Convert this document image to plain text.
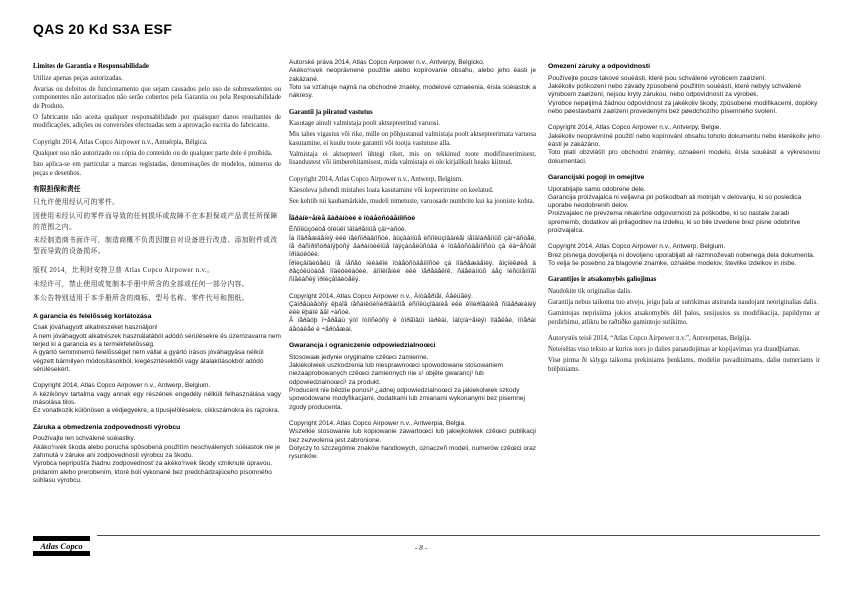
QAS 20 Kd S3A ESF
Limites de Garantia e Responsabilidade

Utilize apenas peças autorizadas.

Avarias ou defeitos de funcionamento que sejam causados pelo uso de sobresselentes ou componentes não autorizados não serão cobertos pela Garantia ou pela Responsabilidade de Produto.

O fabricante não aceita qualquer responsabilidade por quaisquer danos resultantes de modificações, adições ou conversões efectuadas sem a aprovação escrita do fabricante.

Copyright 2014, Atlas Copco Airpower n.v., Antuérpia, Bélgica.

Qualquer uso não autorizado ou cópia do conteúdo ou de qualquer parte dele é proibida.

Isto aplica-se em particular a marcas registadas, denominações de modelos, números de peças e desenhos.

有限担保和责任

只允许使用经认可的零件。

因使用未经认可的零件而导致的任何损坏或故障不在本担保或产品责任所保障的范围之内。

未经制造商书面许可，制造商概不负责因擅自对设备进行改造、添加附件或改型而导致的设备损坏。

版权 2014，比利时安特卫普 Atlas Copco Airpower n.v.。

未经许可，禁止使用或复制本手册中所含的全部或任何一部分内容。

本公告特别适用于本手册所含的商标、型号名称、零件代号和图纸。

A garancia és felelõsség korlátozása

Csak jóváhagyott alkatrészeket használjon!

A nem jóváhagyott alkatrészek használatából adódó sérülésekre és üzemzavarra nem terjed ki a garancia és a termékfelelõsség.

A gyártó semminemû felelõsséget nem vállal a gyártó írásos jóváhagyása nélkül végzett bármilyen módosításokból, kiegészítésekbõl vagy átalakításokból adódó sérülésekért.

Copyright 2014, Atlas Copco Airpower n.v., Antwerp, Belgium.

A kézikönyv tartalma vagy annak egy részének engedély nélküli felhasználása vagy másolása tilos.

Ez vonatkozik különösen a védjegyekre, a típusjelölésekre, cikkszámokra és rajzokra.

Záruka a obmedzenia zodpovednosti výrobcu

Používajte len schválené súèiastky.

Akáko¾vek škoda alebo porucha spôsobená použitím neschválených súèiastok nie je zahrnutá v záruke ani zodpovednosti výrobcu za škodu.

Výrobca nepripúšťa žiadnu zodpovednosť za akéko¾vek škody vzniknuté úpravou, pridaním alebo prerobením, ktoré boli vykonané bez predchádzajúceho písomného súhlasu výrobcu.

Autorské práva 2014, Atlas Copco Airpower n.v., Antverpy, Belgicko.

Akéko¾vek neoprávnené použitie alebo kopírovanie obsahu, alebo jeho èasti je zakázané.

Toto sa vzťahuje najmä na obchodné znaèky, modelové oznaèenia, èísla súèiastok a nákresy.

Garantii ja piiratud vastutus

Kasutage ainult valmistaja poolt aktsepteeritud varuosi.

Mis tahes vigastus või rike, mille on põhjustanud valmistaja poolt aktsepteerimata varuosa kasutamine, ei kuulu toote garantii või tootja vastutuse alla.

Valmistaja ei aktsepteeri ühtegi riket, mis on tekkinud toote modifitseerimisest, lisandustest või ümberehitamisest, mida valmistaja ei ole kirjalikult heaks kiitnud.

Copyright 2014, Atlas Copco Airpower n.v., Antwerp, Belgium.

Käesoleva juhendi mistahes loata kasutamine või kopeerimine on keelatud.

See kehtib nii kaubamärkide, mudeli nimetuste, varuosade numbrite kui ka jooniste kohta.

Îãðàíè÷åíèå ãàðàíòèè è îòâåòñòâåííîñòè

Èñïîëüçóéòå òîëüêî îäîáðåííûå çàï÷àñòè.

Íà ïîâðåæäåíèÿ èëè íåèñïðàâíîñòè, âûçâàííûå èñïîëüçîâàíèåì íåîäîáðåííûõ çàï÷àñòåé, íå ðàñïðîñòðàíÿþòñÿ ãàðàíòèéíûå îáÿçàòåëüñòâà è îòâåòñòâåííîñòü çà êà÷åñòâî ïðîäóêöèè.

Ïðîèçâîäèòåëü íå íåñåò íèêàêîé îòâåòñòâåííîñòè çà ïîâðåæäåíèÿ, âîçíèêøèå â ðåçóëüòàòå ìîäèôèêàöèé, äîïîëíåíèé èëè ïåðåäåëîê, ñäåëàííûõ áåç ïèñüìåííîãî ñîãëàñèÿ ïðîèçâîäèòåëÿ.

Copyright 2014, Atlas Copco Airpower n.v., Àíòâåðïåí, Áåëüãèÿ.

Çàïðåùàåòñÿ ëþáîå íåñàíêöèîíèðîâàííîå èñïîëüçîâàíèå èëè êîïèðîâàíèå ñîäåðæàíèÿ èëè ëþáîé åãî ÷àñòè.

Â ïåðâóþ î÷åðåäü ýòî îòíîñèòñÿ ê òîðãîâûì ìàðêàì, îáîçíà÷åíèÿì ìîäåëåé, íîìåðàì äåòàëåé è ÷åðòåæàì.

Gwarancja i ograniczenie odpowiedzialnoœci

Stosowaæ jedynie oryginalne czêœci zamienne.

Jakiekolwiek uszkodzenia lub niesprawnoœci spowodowane stosowaniem niezaaprobowanych czêœci zamiennych nie s¹ objête gwarancj¹ lub odpowiedzialnoœci¹ za produkt.

Producent nie bêdzie ponosi³ ¿adnej odpowiedzialnoœci za jakiekolwiek szkody spowodowane modyfikacjami, dodatkami lub zmianami wykonanymi bez pisemnej zgody producenta.

Copyright 2014, Atlas Copco Airpower n.v., Antwerpia, Belgia.

Wszelkie stosowanie lub kopiowanie zawartoœci lub jakiejkolwiek czêœci publikacji bez zezwolenia jest zabronione.

Dotyczy to szczególnie znaków handlowych, oznaczeñ modeli, numerów czêœci oraz rysunków.

Omezení záruky a odpovìdnosti

Používejte pouze takové souèásti, které jsou schválené výrobcem zaøízení.

Jakékoliv poškození nebo závady zpùsobené použitím souèástí, které nebyly schválené výrobcem zaøízení, nejsou kryty zárukou, nebo odpovìdností za výrobek.

Výrobce nepøijímá žádnou odpovìdnost za jakékoliv škody, zpùsobené modifikacemi, doplòky nebo pøestavbami zaøízení provedenými bez pøedchozího písemného svolení.

Copyright 2014, Atlas Copco Airpower n.v., Antverpy, Belgie.

Jakékoliv neoprávnìné použití nebo kopírování obsahu tohoto dokumentu nebo kterékoliv jeho èásti je zakázáno.

Toto platí obzvláštì pro obchodní známky, oznaèení modelù, èísla souèástí a výkresovou dokumentaci.

Garancijski pogoji in omejitve

Uporabljajte samo odobrene dele.

Garancija proizvajalca ni veljavna pri poškodbah ali motnjah v delovanju, ki so posledica uporabe neodobrenih delov.

Proizvajalec ne prevzema nikakršne odgovornosti za poškodbe, ki so nastale zaradi sprememb, dodatkov ali prilagoditev na izdelku, ki so bile izvedene brez pisne odobritve proizvajalca.

Copyright 2014, Atlas Copco Airpower n.v., Antwerp, Belgium.

Brez pisnega dovoljenja ni dovoljeno uporabljati ali razmnoževati nobenega dela dokumenta.

To velja še posebno za blagovne znamke, oznaèbe modelov, številke izdelkov in risbe.

Garantijos ir atsakomybës galiojimas

Naudokite tik originalias dalis.

Garantija nebus taikoma tuo atveju, jeigu þala ar sutrikimas atsiranda naudojant neoriginalias dalis.

Gamintojas neprisiima jokios atsakomybës dël þalos, susijusios su modifikacija, papildymu ar perdirbimu, atliktu be raðtiðko gamintojo sutikimo.

Autorystës teisë 2014, “Atlas Copco Airpower n.v.”, Antverpenas, Belgija.

Neteisëtas viso teksto ar kurios nors jo dalies panaudojimas ar kopijavimas yra draudþiamas.

Visø pirma ði sàlyga taikoma prekiniams þenklams, modeliø pavadinimams, daliø numeriams ir brëþiniams.

Atlas Copco	- 8 -
